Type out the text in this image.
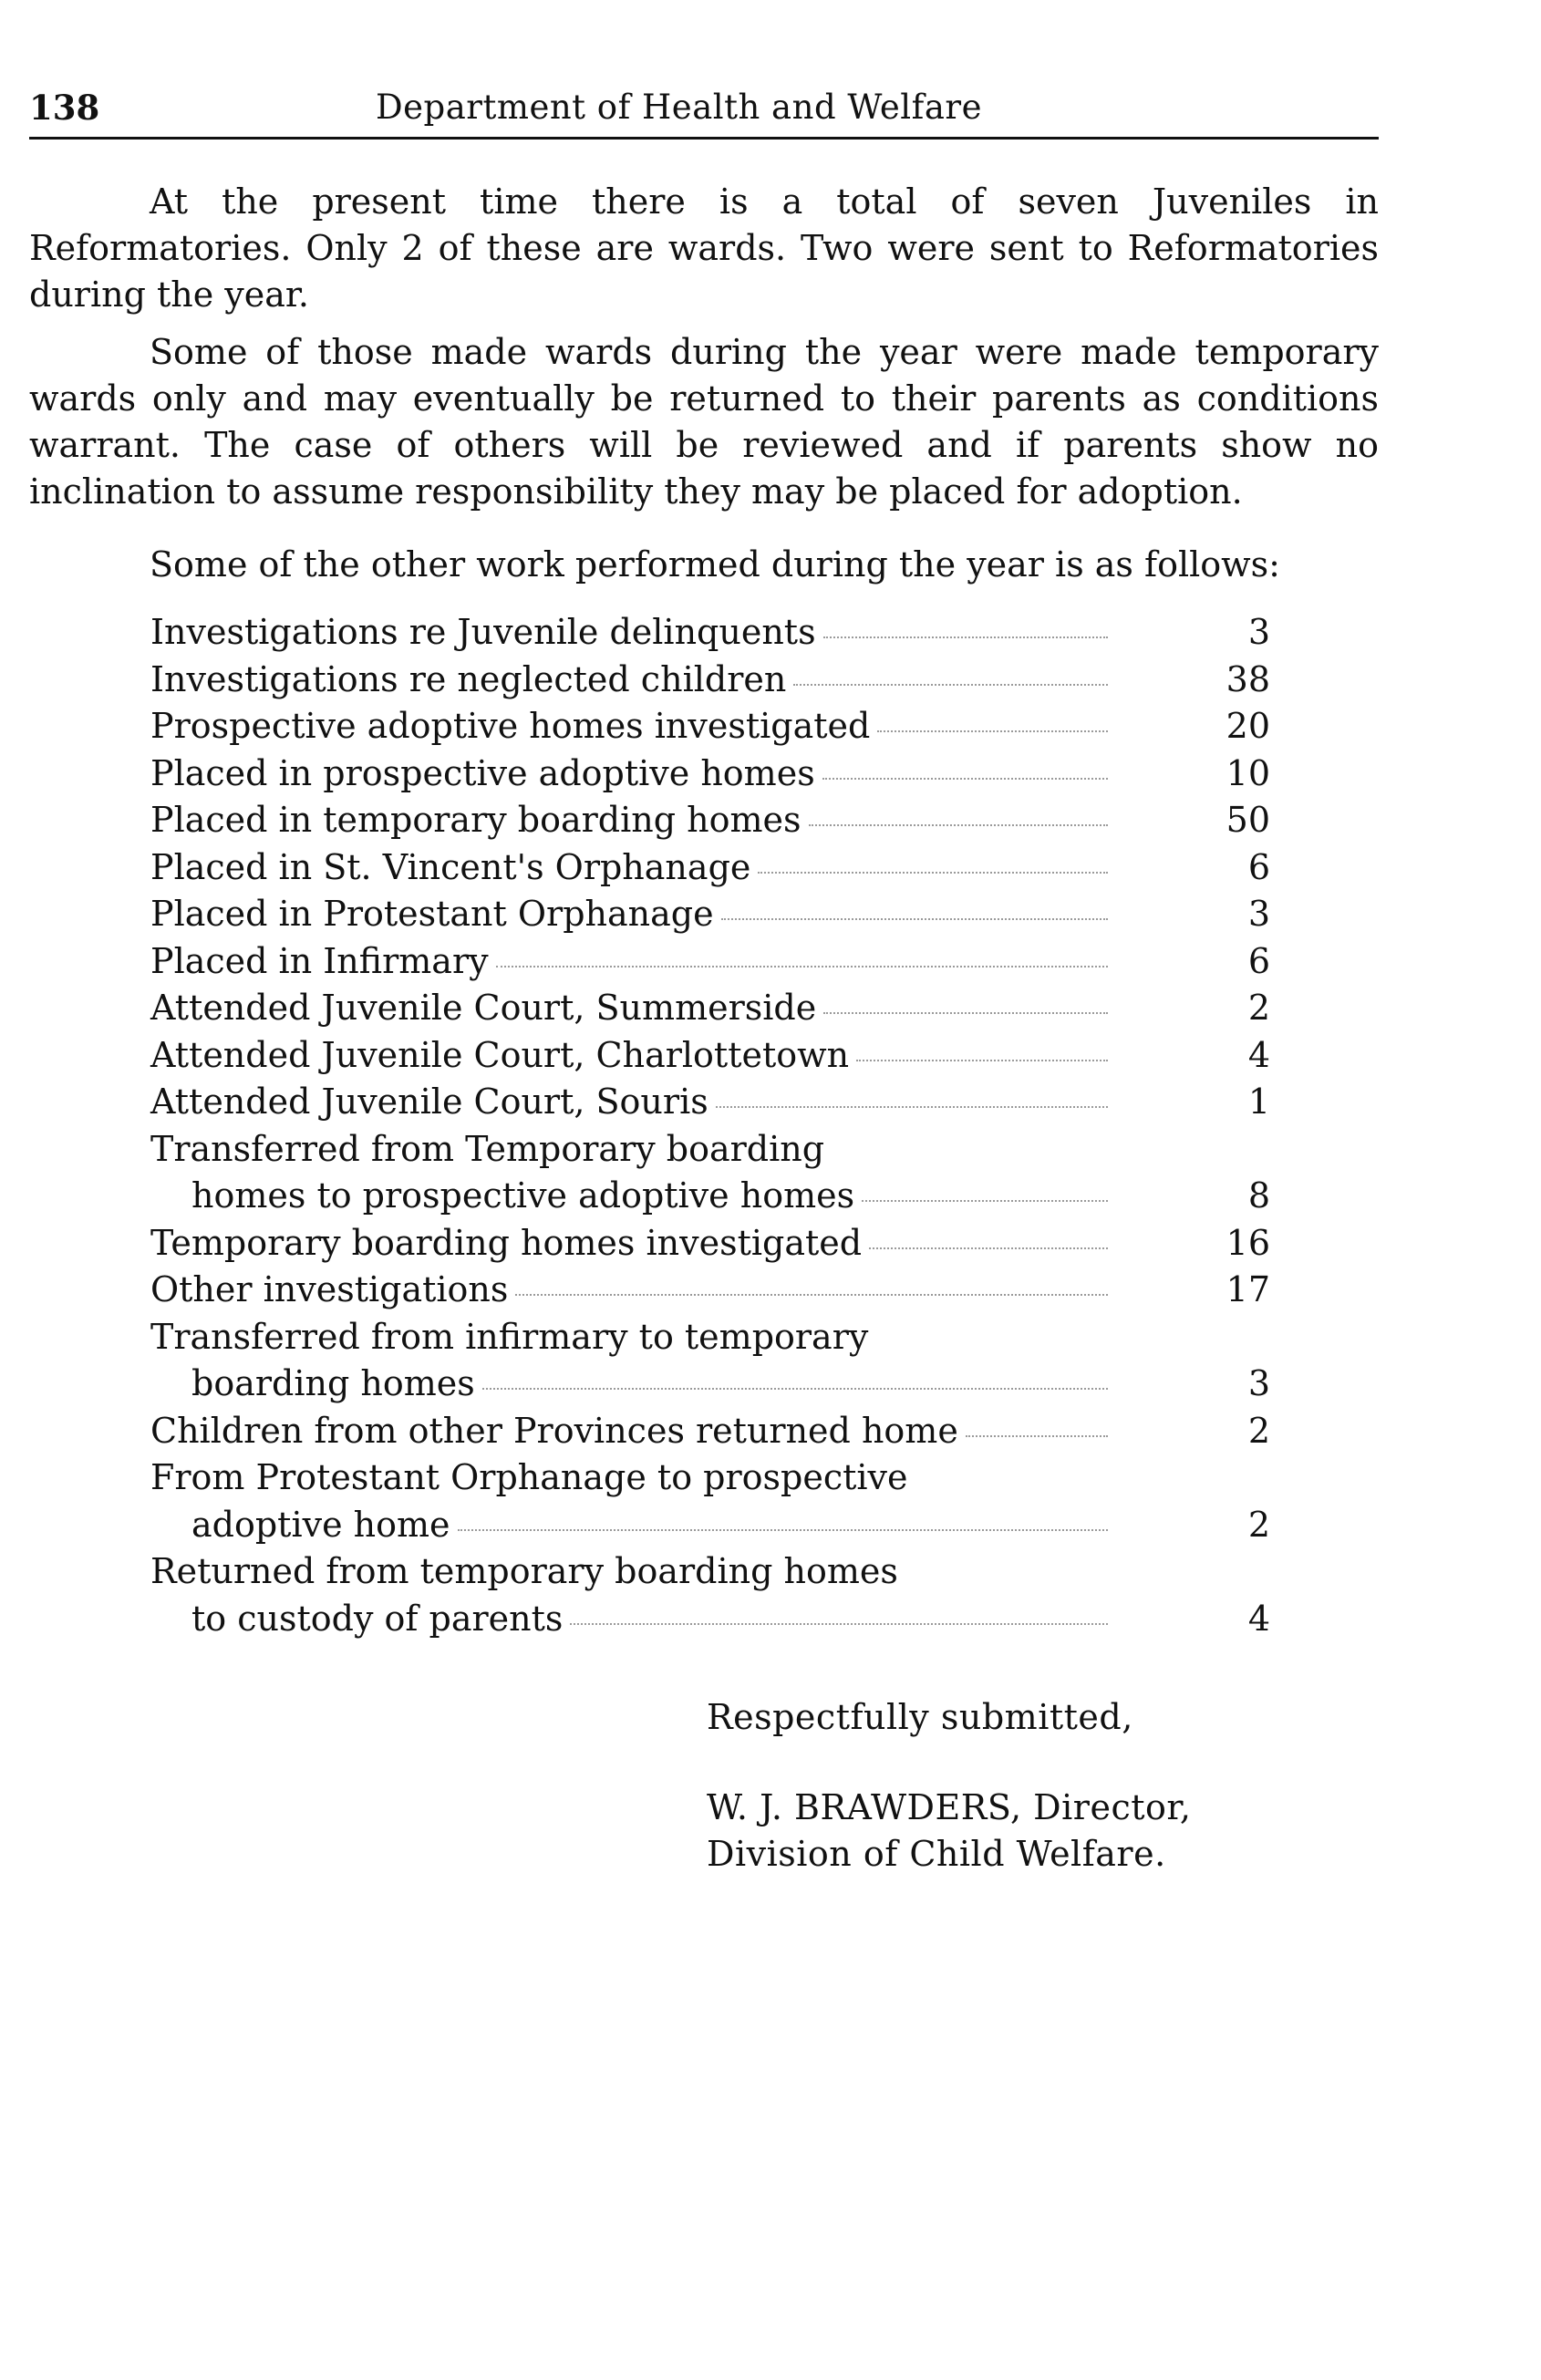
138	Department of Health and Welfare

At the present time there is a total of seven Juveniles in Reformatories. Only 2 of these are wards. Two were sent to Reformatories during the year.

Some of those made wards during the year were made temporary wards only and may eventually be returned to their parents as conditions warrant. The case of others will be reviewed and if parents show no inclination to assume responsibility they may be placed for adoption.

Some of the other work performed during the year is as follows:

Investigations re Juvenile delinquents	3
Investigations re neglected children	38
Prospective adoptive homes investigated	20
Placed in prospective adoptive homes	10
Placed in temporary boarding homes	50
Placed in St. Vincent's Orphanage	6
Placed in Protestant Orphanage	3
Placed in Infirmary	6
Attended Juvenile Court, Summerside	2
Attended Juvenile Court, Charlottetown	4
Attended Juvenile Court, Souris	1
Transferred from Temporary boarding
homes to prospective adoptive homes	8
Temporary boarding homes investigated	16
Other investigations	17
Transferred from infirmary to temporary
boarding homes	3
Children from other Provinces returned home	2
From Protestant Orphanage to prospective
adoptive home	2
Returned from temporary boarding homes
to custody of parents	4

Respectfully submitted,

W. J. BRAWDERS, Director,

Division of Child Welfare.
